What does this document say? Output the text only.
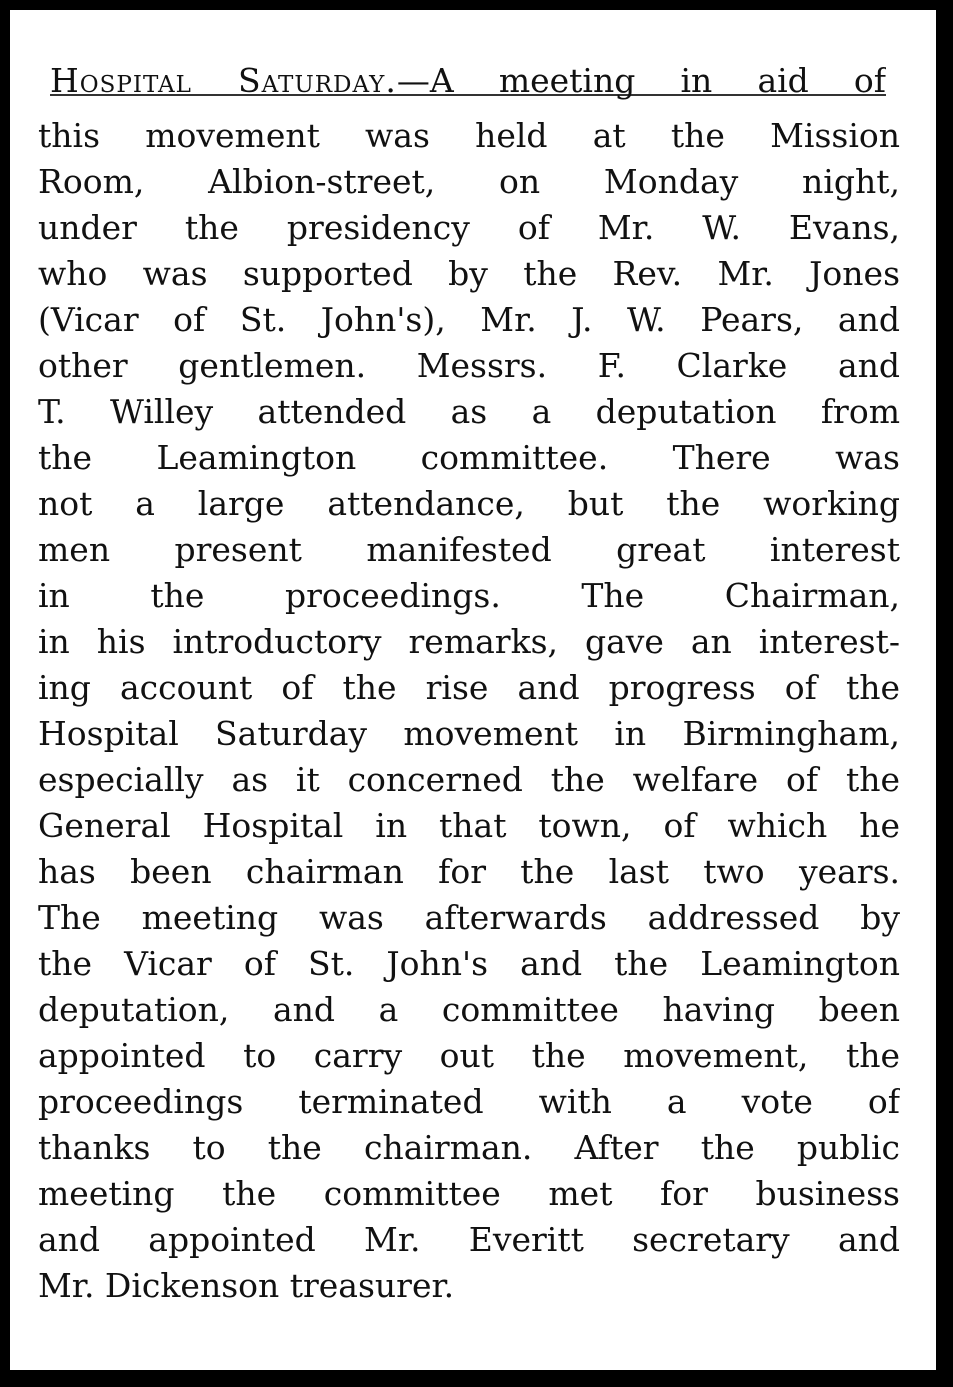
Hospital Saturday.—A meeting in aid of
this movement was held at the Mission
Room, Albion-street, on Monday night,
under the presidency of Mr. W. Evans,
who was supported by the Rev. Mr. Jones
(Vicar of St. John's), Mr. J. W. Pears, and
other gentlemen. Messrs. F. Clarke and
T. Willey attended as a deputation from
the Leamington committee. There was
not a large attendance, but the working
men present manifested great interest
in the proceedings. The Chairman,
in his introductory remarks, gave an interest-
ing account of the rise and progress of the
Hospital Saturday movement in Birmingham,
especially as it concerned the welfare of the
General Hospital in that town, of which he
has been chairman for the last two years.
The meeting was afterwards addressed by
the Vicar of St. John's and the Leamington
deputation, and a committee having been
appointed to carry out the movement, the
proceedings terminated with a vote of
thanks to the chairman. After the public
meeting the committee met for business
and appointed Mr. Everitt secretary and
Mr. Dickenson treasurer.
